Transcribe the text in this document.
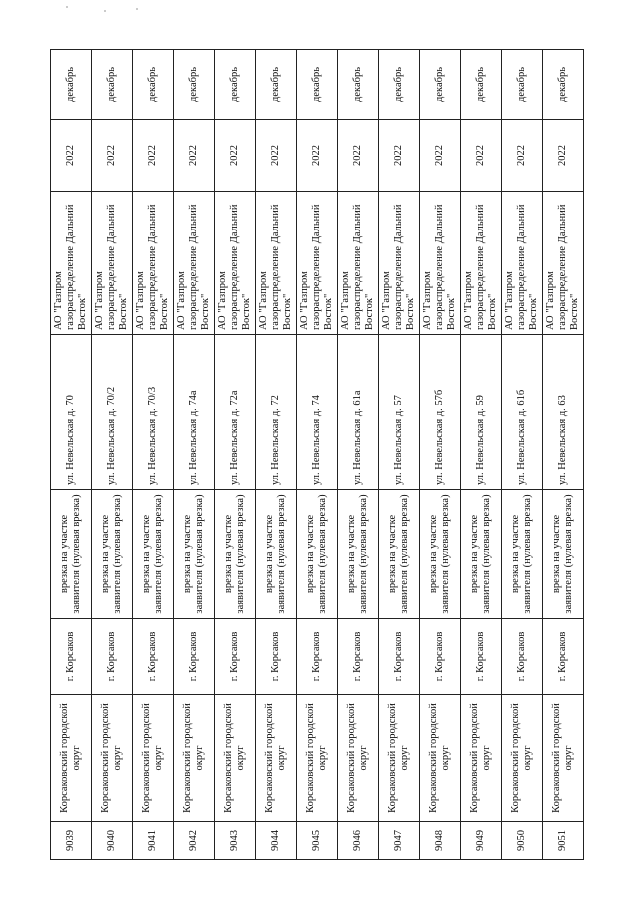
9039	Корсаковский городской округ	г. Корсаков	врезка на участке заявителя (нулевая врезка)	ул. Невельская д. 70	АО "Газпром газораспределение Дальний Восток"	2022	декабрь
9040	Корсаковский городской округ	г. Корсаков	врезка на участке заявителя (нулевая врезка)	ул. Невельская д. 70/2	АО "Газпром газораспределение Дальний Восток"	2022	декабрь
9041	Корсаковский городской округ	г. Корсаков	врезка на участке заявителя (нулевая врезка)	ул. Невельская д. 70/3	АО "Газпром газораспределение Дальний Восток"	2022	декабрь
9042	Корсаковский городской округ	г. Корсаков	врезка на участке заявителя (нулевая врезка)	ул. Невельская д. 74а	АО "Газпром газораспределение Дальний Восток"	2022	декабрь
9043	Корсаковский городской округ	г. Корсаков	врезка на участке заявителя (нулевая врезка)	ул. Невельская д. 72а	АО "Газпром газораспределение Дальний Восток"	2022	декабрь
9044	Корсаковский городской округ	г. Корсаков	врезка на участке заявителя (нулевая врезка)	ул. Невельская д. 72	АО "Газпром газораспределение Дальний Восток"	2022	декабрь
9045	Корсаковский городской округ	г. Корсаков	врезка на участке заявителя (нулевая врезка)	ул. Невельская д. 74	АО "Газпром газораспределение Дальний Восток"	2022	декабрь
9046	Корсаковский городской округ	г. Корсаков	врезка на участке заявителя (нулевая врезка)	ул. Невельская д. 61а	АО "Газпром газораспределение Дальний Восток"	2022	декабрь
9047	Корсаковский городской округ	г. Корсаков	врезка на участке заявителя (нулевая врезка)	ул. Невельская д. 57	АО "Газпром газораспределение Дальний Восток"	2022	декабрь
9048	Корсаковский городской округ	г. Корсаков	врезка на участке заявителя (нулевая врезка)	ул. Невельская д. 57б	АО "Газпром газораспределение Дальний Восток"	2022	декабрь
9049	Корсаковский городской округ	г. Корсаков	врезка на участке заявителя (нулевая врезка)	ул. Невельская д. 59	АО "Газпром газораспределение Дальний Восток"	2022	декабрь
9050	Корсаковский городской округ	г. Корсаков	врезка на участке заявителя (нулевая врезка)	ул. Невельская д. 61б	АО "Газпром газораспределение Дальний Восток"	2022	декабрь
9051	Корсаковский городской округ	г. Корсаков	врезка на участке заявителя (нулевая врезка)	ул. Невельская д. 63	АО "Газпром газораспределение Дальний Восток"	2022	декабрь
